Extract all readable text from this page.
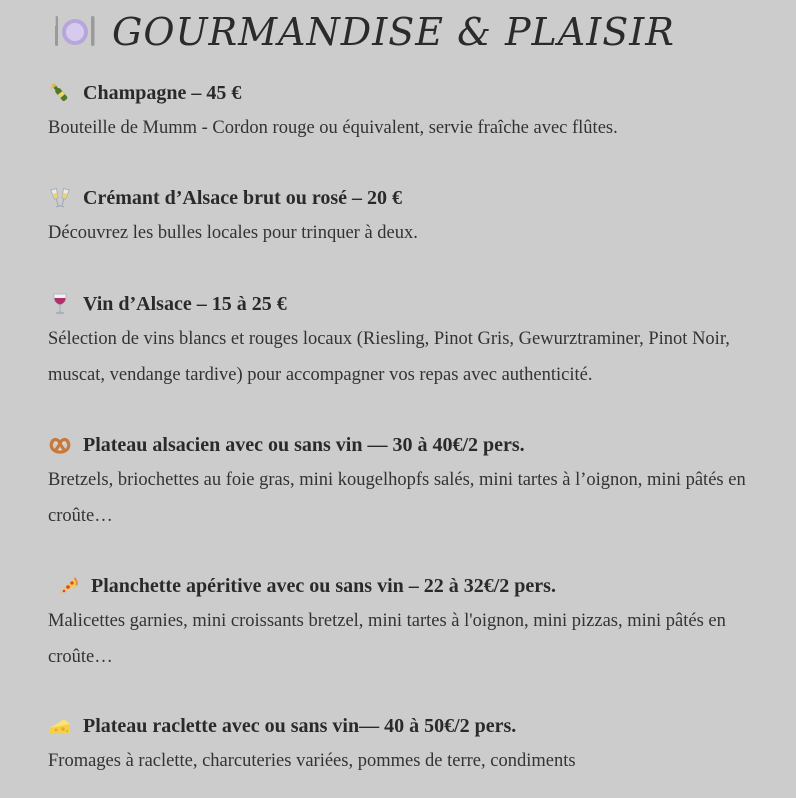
GOURMANDISE & PLAISIR
Champagne – 45 €
Bouteille de Mumm - Cordon rouge ou équivalent, servie fraîche avec flûtes.
Crémant d’Alsace brut ou rosé – 20 €
Découvrez les bulles locales pour trinquer à deux.
Vin d’Alsace – 15 à 25 €
Sélection de vins blancs et rouges locaux (Riesling, Pinot Gris, Gewurztraminer, Pinot Noir, muscat, vendange tardive) pour accompagner vos repas avec authenticité.
Plateau alsacien avec ou sans vin — 30 à 40€/2 pers.
Bretzels, briochettes au foie gras, mini kougelhopfs salés, mini tartes à l’oignon, mini pâtés en croûte…
Planchette apéritive avec ou sans vin – 22 à 32€/2 pers.
Malicettes garnies, mini croissants bretzel, mini tartes à l'oignon, mini pizzas, mini pâtés en croûte…
Plateau raclette avec ou sans vin— 40 à 50€/2 pers.
Fromages à raclette, charcuteries variées, pommes de terre, condiments
